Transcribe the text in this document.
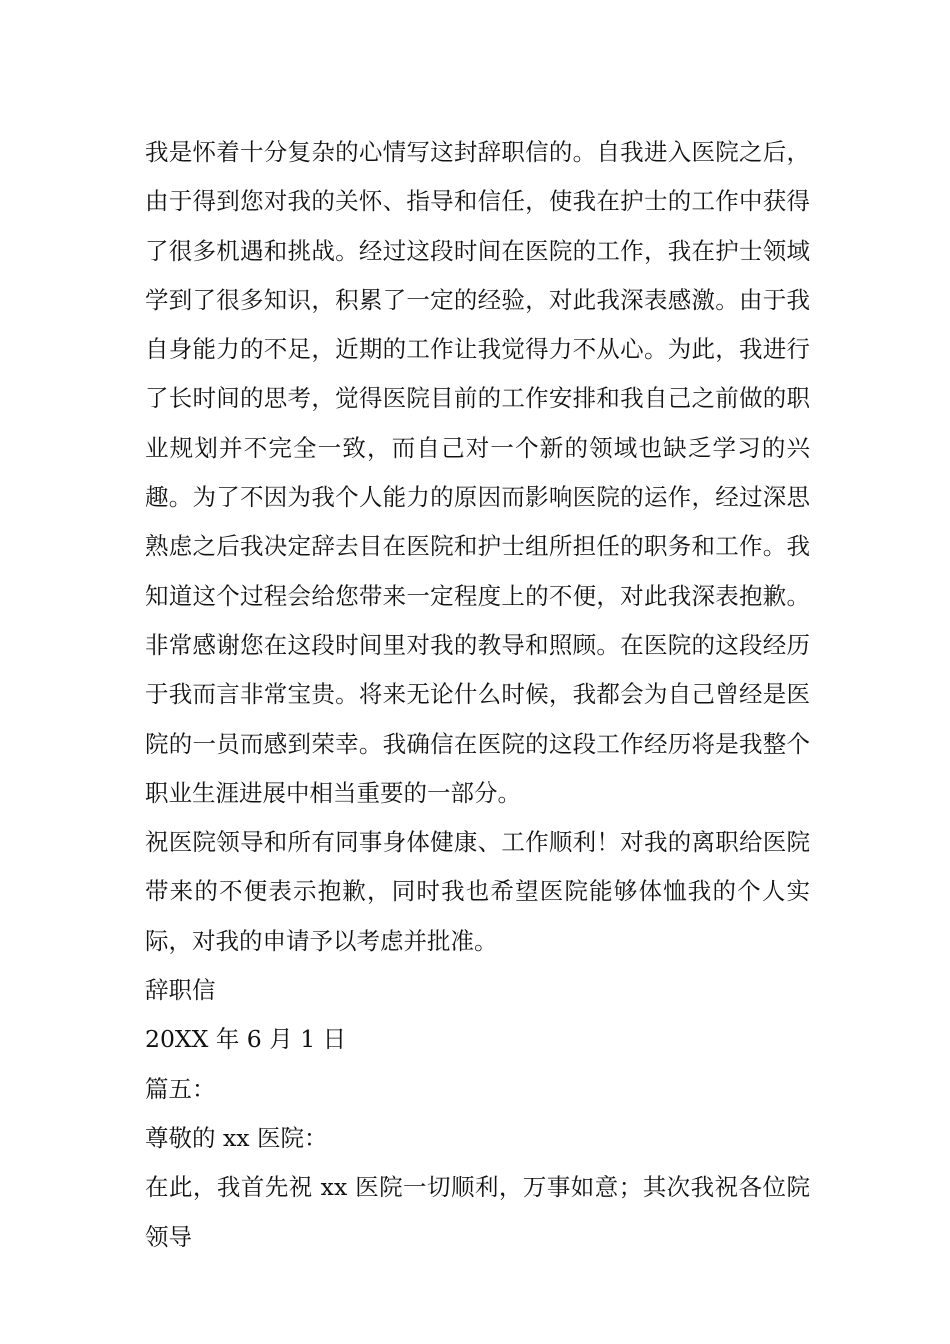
我是怀着十分复杂的心情写这封辞职信的。自我进入医院之后，由于得到您对我的关怀、指导和信任，使我在护士的工作中获得了很多机遇和挑战。经过这段时间在医院的工作，我在护士领域学到了很多知识，积累了一定的经验，对此我深表感激。由于我自身能力的不足，近期的工作让我觉得力不从心。为此，我进行了长时间的思考，觉得医院目前的工作安排和我自己之前做的职业规划并不完全一致，而自己对一个新的领域也缺乏学习的兴趣。为了不因为我个人能力的原因而影响医院的运作，经过深思熟虑之后我决定辞去目在医院和护士组所担任的职务和工作。我知道这个过程会给您带来一定程度上的不便，对此我深表抱歉。 非常感谢您在这段时间里对我的教导和照顾。在医院的这段经历于我而言非常宝贵。将来无论什么时候，我都会为自己曾经是医院的一员而感到荣幸。我确信在医院的这段工作经历将是我整个职业生涯进展中相当重要的一部分。

祝医院领导和所有同事身体健康、工作顺利！对我的离职给医院带来的不便表示抱歉，同时我也希望医院能够体恤我的个人实际，对我的申请予以考虑并批准。

辞职信

20XX 年 6 月 1 日

篇五：

尊敬的 xx 医院：

在此，我首先祝 xx 医院一切顺利，万事如意；其次我祝各位院领导
